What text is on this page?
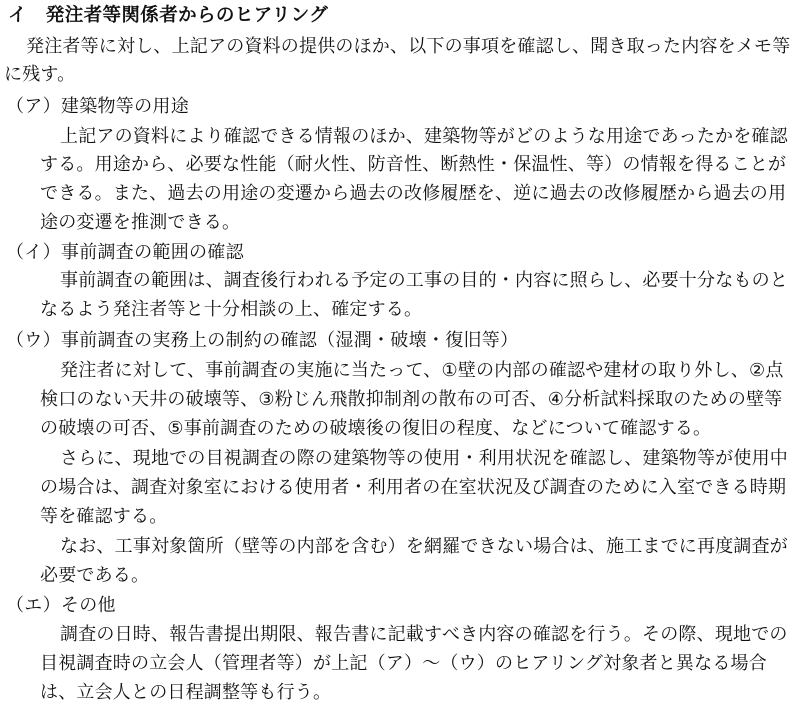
イ　発注者等関係者からのヒアリング
発注者等に対し、上記アの資料の提供のほか、以下の事項を確認し、聞き取った内容をメモ等
に残す。
（ア）建築物等の用途
上記アの資料により確認できる情報のほか、建築物等がどのような用途であったかを確認
する。用途から、必要な性能（耐火性、防音性、断熱性・保温性、等）の情報を得ることが
できる。また、過去の用途の変遷から過去の改修履歴を、逆に過去の改修履歴から過去の用
途の変遷を推測できる。
（イ）事前調査の範囲の確認
事前調査の範囲は、調査後行われる予定の工事の目的・内容に照らし、必要十分なものと
なるよう発注者等と十分相談の上、確定する。
（ウ）事前調査の実務上の制約の確認（湿潤・破壊・復旧等）
発注者に対して、事前調査の実施に当たって、①壁の内部の確認や建材の取り外し、②点
検口のない天井の破壊等、③粉じん飛散抑制剤の散布の可否、④分析試料採取のための壁等
の破壊の可否、⑤事前調査のための破壊後の復旧の程度、などについて確認する。
さらに、現地での目視調査の際の建築物等の使用・利用状況を確認し、建築物等が使用中
の場合は、調査対象室における使用者・利用者の在室状況及び調査のために入室できる時期
等を確認する。
なお、工事対象箇所（壁等の内部を含む）を網羅できない場合は、施工までに再度調査が
必要である。
（エ）その他
調査の日時、報告書提出期限、報告書に記載すべき内容の確認を行う。その際、現地での
目視調査時の立会人（管理者等）が上記（ア）～（ウ）のヒアリング対象者と異なる場合
は、立会人との日程調整等も行う。
